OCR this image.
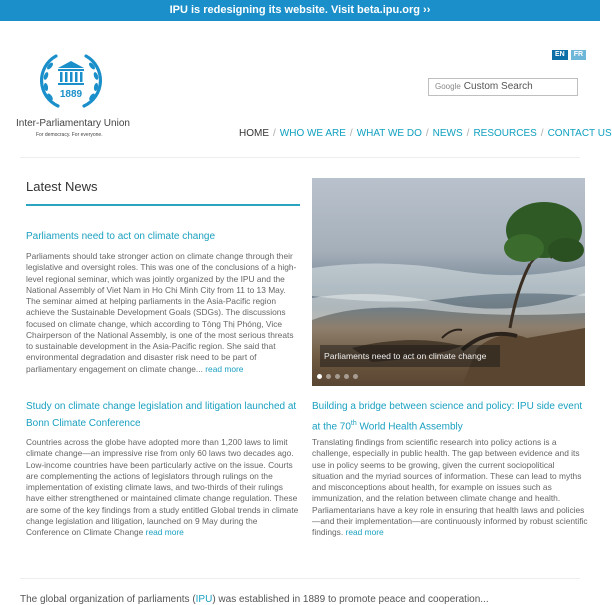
IPU is redesigning its website. Visit beta.ipu.org ››
1889
Inter-Parliamentary Union
For democracy. For everyone.
EN	FR
Google Custom Search
HOME / WHO WE ARE / WHAT WE DO / NEWS / RESOURCES / CONTACT US
Latest News
Parliaments need to act on climate change
Parliaments should take stronger action on climate change through their legislative and oversight roles. This was one of the conclusions of a high-level regional seminar, which was jointly organized by the IPU and the National Assembly of Viet Nam in Ho Chi Minh City from 11 to 13 May. The seminar aimed at helping parliaments in the Asia-Pacific region achieve the Sustainable Development Goals (SDGs). The discussions focused on climate change, which according to Tòng Thị Phóng, Vice Chairperson of the National Assembly, is one of the most serious threats to sustainable development in the Asia-Pacific region. She said that environmental degradation and disaster risk need to be part of parliamentary engagement on climate change... read more
Parliaments need to act on climate change
Study on climate change legislation and litigation launched at Bonn Climate Conference
Countries across the globe have adopted more than 1,200 laws to limit climate change—an impressive rise from only 60 laws two decades ago. Low-income countries have been particularly active on the issue. Courts are complementing the actions of legislators through rulings on the implementation of existing climate laws, and two-thirds of their rulings have either strengthened or maintained climate change regulation. These are some of the key findings from a study entitled Global trends in climate change legislation and litigation, launched on 9 May during the Conference on Climate Change read more
Building a bridge between science and policy: IPU side event at the 70th World Health Assembly
Translating findings from scientific research into policy actions is a challenge, especially in public health. The gap between evidence and its use in policy seems to be growing, given the current sociopolitical situation and the myriad sources of information. These can lead to myths and misconceptions about health, for example on issues such as immunization, and the relation between climate change and health. Parliamentarians have a key role in ensuring that health laws and policies—and their implementation—are continuously informed by robust scientific findings. read more
The global organization of parliaments (IPU) was established in 1889 to promote peace and cooperation...
